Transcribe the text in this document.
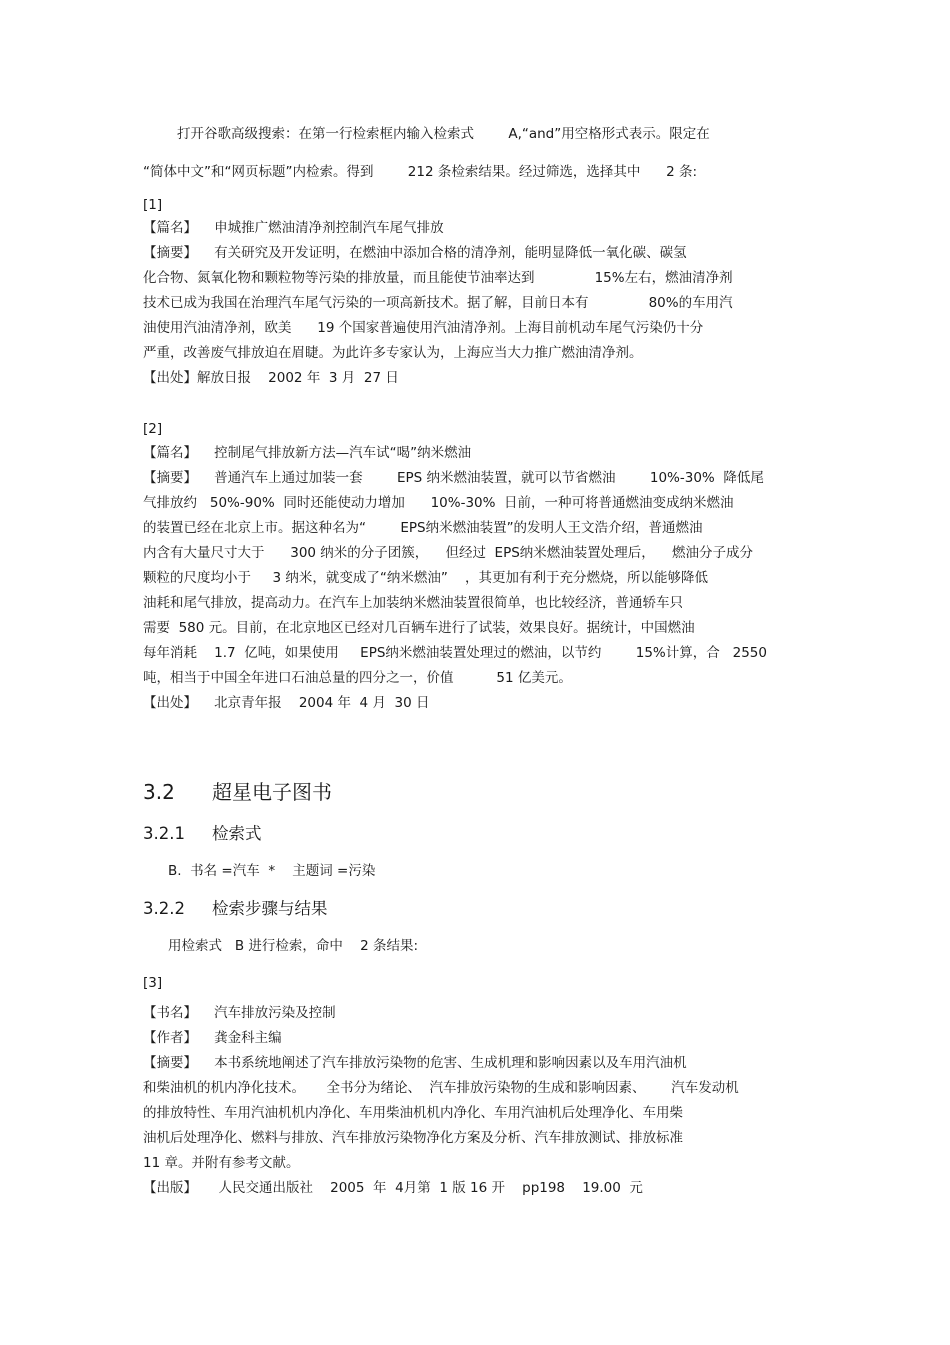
打开谷歌高级搜索：在第一行检索框内输入检索式        A,“and”用空格形式表示。限定在
“简体中文”和“网页标题”内检索。得到        212 条检索结果。经过筛选，选择其中      2 条:
[1]
【篇名】    申城推广燃油清净剂控制汽车尾气排放
【摘要】    有关研究及开发证明，在燃油中添加合格的清净剂，能明显降低一氧化碳、碳氢
化合物、氮氧化物和颗粒物等污染的排放量，而且能使节油率达到              15%左右，燃油清净剂
技术已成为我国在治理汽车尾气污染的一项高新技术。据了解，目前日本有              80%的车用汽
油使用汽油清净剂，欧美      19 个国家普遍使用汽油清净剂。上海目前机动车尾气污染仍十分
严重，改善废气排放迫在眉睫。为此许多专家认为，上海应当大力推广燃油清净剂。
【出处】解放日报    2002 年  3 月  27 日
[2]
【篇名】    控制尾气排放新方法—汽车试“喝”纳米燃油
【摘要】    普通汽车上通过加装一套        EPS 纳米燃油装置，就可以节省燃油        10%-30%  降低尾
气排放约   50%-90%  同时还能使动力增加      10%-30%  日前，一种可将普通燃油变成纳米燃油
的装置已经在北京上市。据这种名为“        EPS纳米燃油装置”的发明人王文浩介绍，普通燃油
内含有大量尺寸大于      300 纳米的分子团簇，    但经过  EPS纳米燃油装置处理后，    燃油分子成分
颗粒的尺度均小于     3 纳米，就变成了“纳米燃油”    ，其更加有利于充分燃烧，所以能够降低
油耗和尾气排放，提高动力。在汽车上加装纳米燃油装置很简单，也比较经济，普通轿车只
需要  580 元。目前，在北京地区已经对几百辆车进行了试装，效果良好。据统计，中国燃油
每年消耗    1.7  亿吨，如果使用     EPS纳米燃油装置处理过的燃油，以节约        15%计算，合   2550
吨，相当于中国全年进口石油总量的四分之一，价值          51 亿美元。
【出处】    北京青年报    2004 年  4 月  30 日
3.2 超星电子图书
3.2.1 检索式
B.  书名 =汽车  *    主题词 =污染
3.2.2 检索步骤与结果
用检索式   B 进行检索，命中    2 条结果:
[3]
【书名】    汽车排放污染及控制
【作者】    龚金科主编
【摘要】    本书系统地阐述了汽车排放污染物的危害、生成机理和影响因素以及车用汽油机
和柴油机的机内净化技术。     全书分为绪论、  汽车排放污染物的生成和影响因素、      汽车发动机
的排放特性、车用汽油机机内净化、车用柴油机机内净化、车用汽油机后处理净化、车用柴
油机后处理净化、燃料与排放、汽车排放污染物净化方案及分析、汽车排放测试、排放标准
11 章。并附有参考文献。
【出版】     人民交通出版社    2005  年  4月第  1 版 16 开    pp198    19.00  元
